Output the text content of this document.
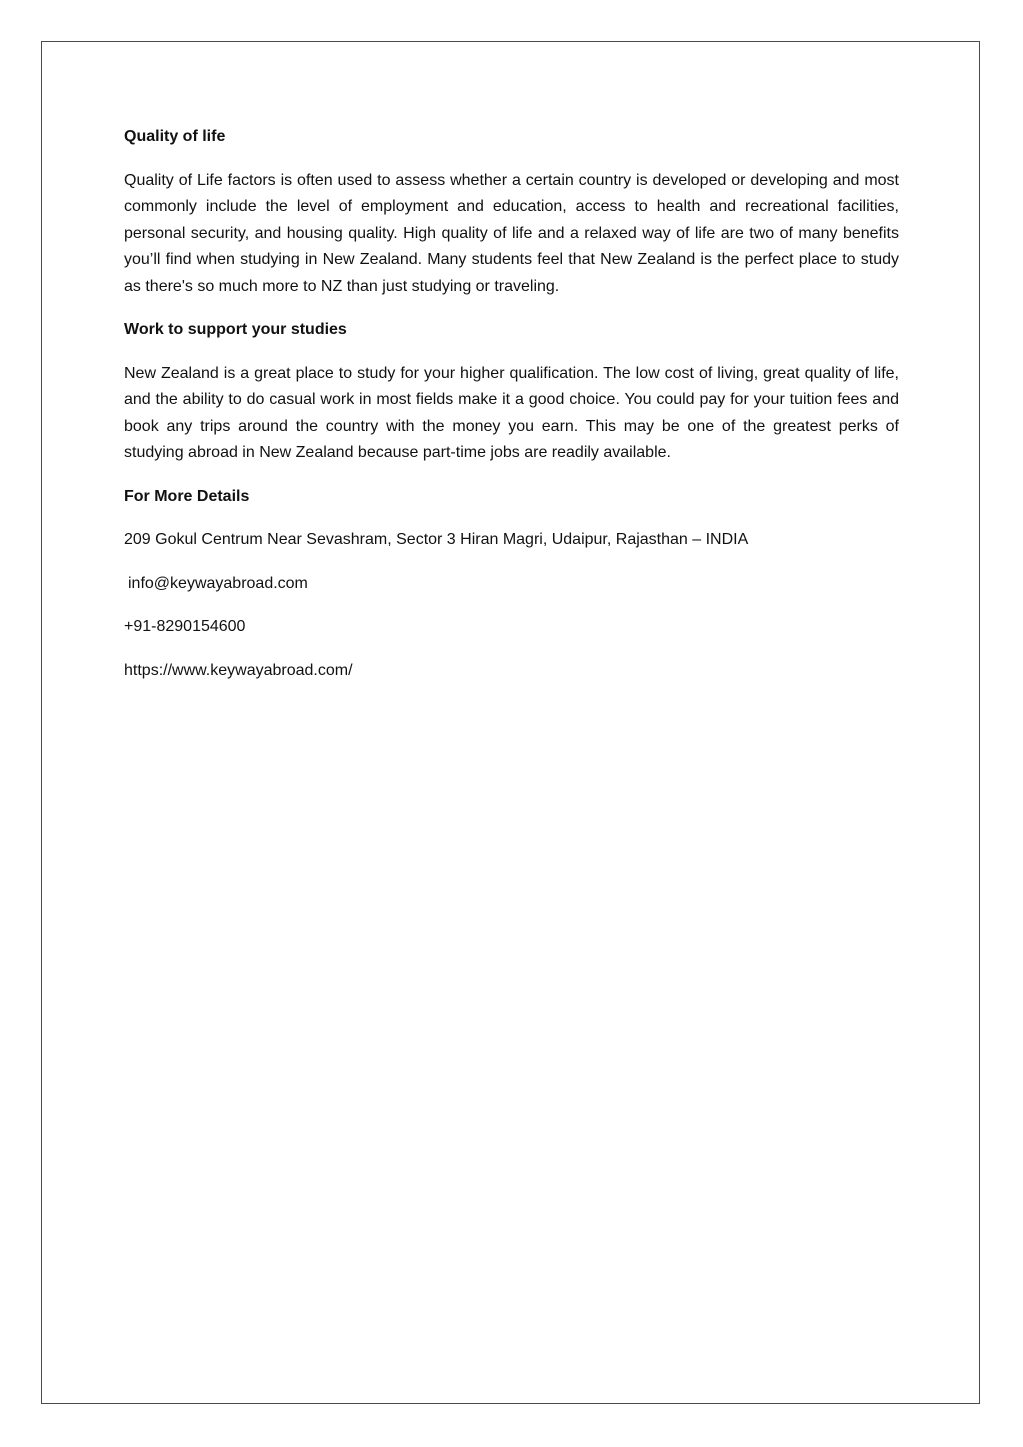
Quality of life

Quality of Life factors is often used to assess whether a certain country is developed or developing and most commonly include the level of employment and education, access to health and recreational facilities, personal security, and housing quality. High quality of life and a relaxed way of life are two of many benefits you’ll find when studying in New Zealand. Many students feel that New Zealand is the perfect place to study as there's so much more to NZ than just studying or traveling.

Work to support your studies

New Zealand is a great place to study for your higher qualification. The low cost of living, great quality of life, and the ability to do casual work in most fields make it a good choice. You could pay for your tuition fees and book any trips around the country with the money you earn. This may be one of the greatest perks of studying abroad in New Zealand because part-time jobs are readily available.

For More Details

209 Gokul Centrum Near Sevashram, Sector 3 Hiran Magri, Udaipur, Rajasthan – INDIA

info@keywayabroad.com

+91-8290154600

https://www.keywayabroad.com/
